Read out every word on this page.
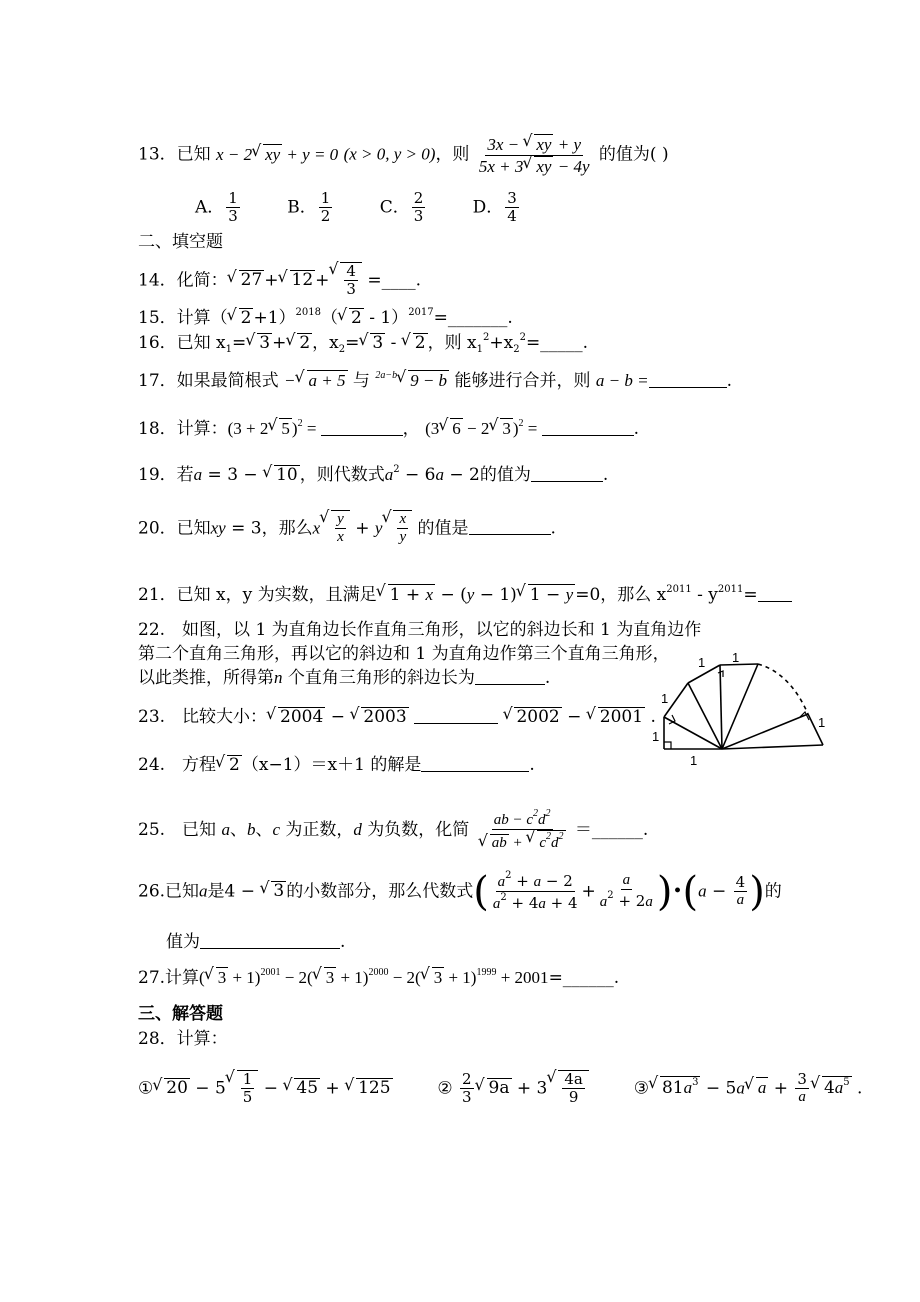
13．已知 x − 2√ xy + y = 0 (x > 0, y > 0)，则 $\frac{3x - √ xy + y}{5x + 3√ xy - 4y}$ 的值为( )
A． $\frac{1}{3}$	B． $\frac{1}{2}$	C． $\frac{2}{3}$	D． $\frac{3}{4}$
二、填空题
14．化简：√ 27 +√ 12 +
√ $\frac{4}{3}$ =____.
15．计算（√ 2 +1）$^{2018}$（√ 2 - 1）$^{2017}$=_______.
16．已知 $x_1=√$ 3 +√ 2 ，$x_2=√$ 3 - √ 2 ，则 $x_1^2+x_2^2=\_\_\_\_\_$.
17．如果最简根式 −√ a + 5 与 $^{2a-b}$√ 9 − b 能够进行合并，则 a − b =	.
18．计算：(3 + 2√ 5 )$^2$ =	， (3√ 6 − 2√ 3 )$^2$ =	.
19．若a = 3 − √ 10 ，则代数式$a^2 - 6a - 2$的值为	.
20．已知xy = 3，那么x
√ $\frac{y}{x} + y$
√ $\frac{x}{y}$ 的值是	.
21．已知 x，y 为实数，且满足√ 1 + x − (y − 1)√ 1 − y =0，那么 $x^{2011} - y^{2011}=$
22.　如图，以 1 为直角边长作直角三角形，以它的斜边长和 1 为直角边作
第二个直角三角形，再以它的斜边和 1 为直角边作第三个直角三角形，
以此类推，所得第n 个直角三角形的斜边长为	.
23.　比较大小：√ 2004 − √ 2003  √	2002 − √ 2001 .
24.　方程√ 2 （x−1）＝x＋1 的解是	.
25.　已知 a、b、c 为正数，d 为负数，化简 ab − $c^2d^2$
√ ab + √ $c^2d^2$ ＝______.
26.已知a是4 − √ 3 的小数部分，那么代数式( $\frac{a^2 + a - 2}{a^2 + 4a + 4} + \frac{a}{a^2 + 2a}$ )•(a − $\frac{4}{a}$ )的
值为	.
27.计算(√ 3 + 1)$^{2001}$ − 2(√ 3 + 1)$^{2000}$ − 2(√ 3 + 1)$^{1999}$ + 2001=______.
三、解答题
28．计算：
①√ 20 − 5
√ $\frac{1}{5}$ − √ 45 + √ 125	② $\frac{2}{3}$
√ 9a + 3
√ $\frac{4a}{9}$	③√ $81a^3 - 5a√$ $a + \frac{3}{a}$
√ $4a^5$ .
1
1
1
1 1
1
